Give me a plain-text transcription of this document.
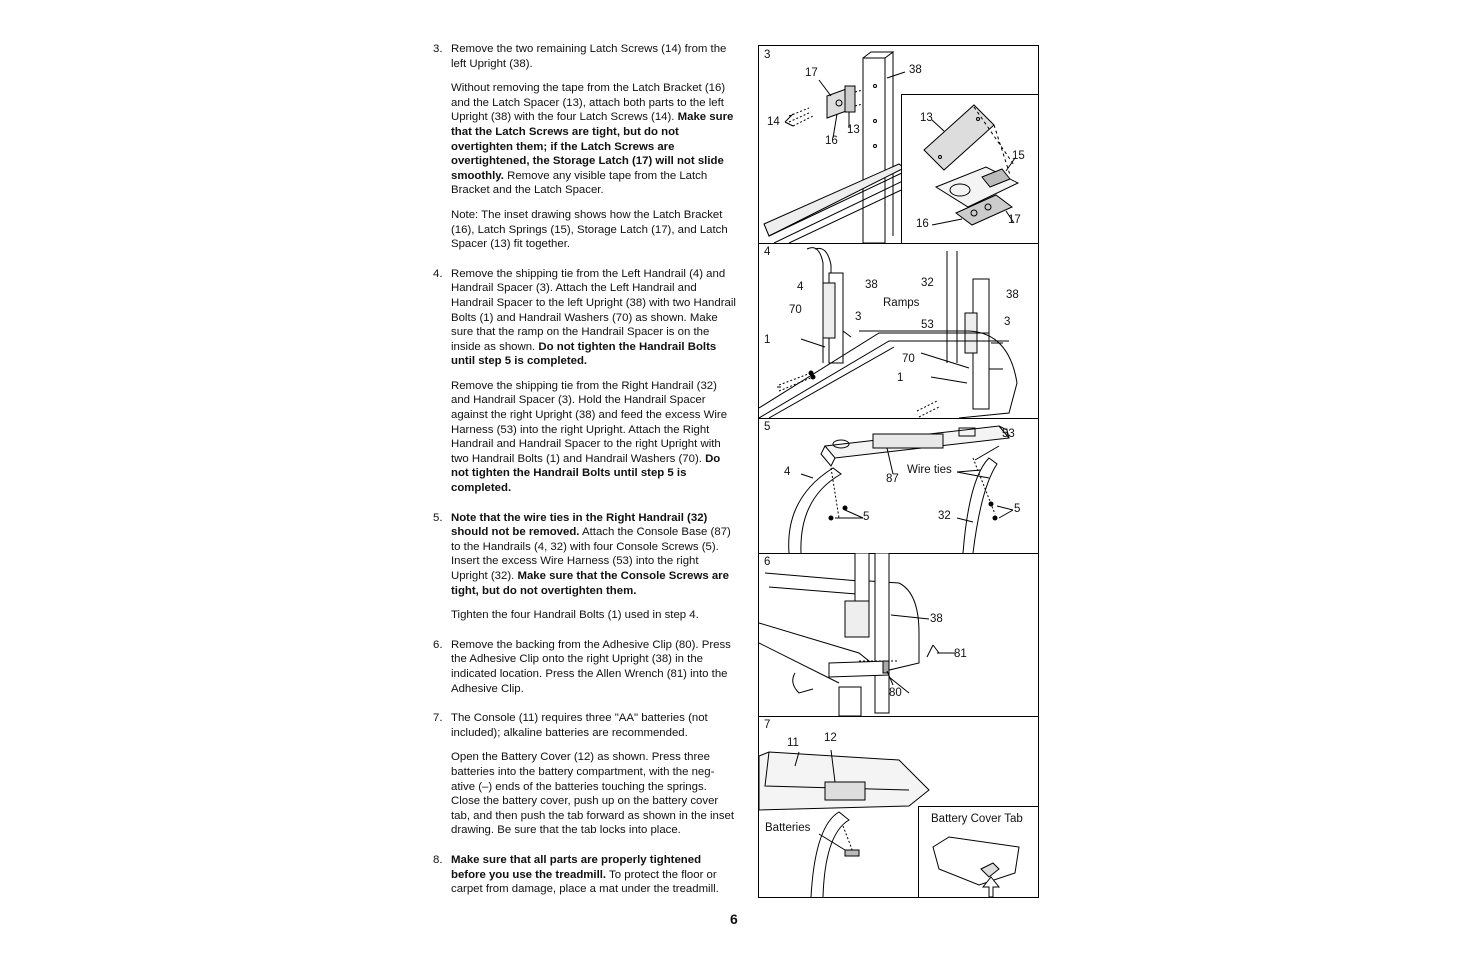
3. Remove the two remaining Latch Screws (14) from the left Upright (38).
Without removing the tape from the Latch Bracket (16) and the Latch Spacer (13), attach both parts to the left Upright (38) with the four Latch Screws (14). Make sure that the Latch Screws are tight, but do not overtighten them; if the Latch Screws are overtightened, the Storage Latch (17) will not slide smoothly. Remove any visible tape from the Latch Bracket and the Latch Spacer.
Note: The inset drawing shows how the Latch Bracket (16), Latch Springs (15), Storage Latch (17), and Latch Spacer (13) fit together.
4. Remove the shipping tie from the Left Handrail (4) and Handrail Spacer (3). Attach the Left Handrail and Handrail Spacer to the left Upright (38) with two Handrail Bolts (1) and Handrail Washers (70) as shown. Make sure that the ramp on the Handrail Spacer is on the inside as shown. Do not tighten the Handrail Bolts until step 5 is completed.
Remove the shipping tie from the Right Handrail (32) and Handrail Spacer (3). Hold the Handrail Spacer against the right Upright (38) and feed the excess Wire Harness (53) into the right Upright. Attach the Right Handrail and Handrail Spacer to the right Upright with two Handrail Bolts (1) and Handrail Washers (70). Do not tighten the Handrail Bolts until step 5 is completed.
5. Note that the wire ties in the Right Handrail (32) should not be removed. Attach the Console Base (87) to the Handrails (4, 32) with four Console Screws (5). Insert the excess Wire Harness (53) into the right Upright (32). Make sure that the Console Screws are tight, but do not overtighten them.
Tighten the four Handrail Bolts (1) used in step 4.
6. Remove the backing from the Adhesive Clip (80). Press the Adhesive Clip onto the right Upright (38) in the indicated location. Press the Allen Wrench (81) into the Adhesive Clip.
7. The Console (11) requires three "AA" batteries (not included); alkaline batteries are recommended.
Open the Battery Cover (12) as shown. Press three batteries into the battery compartment, with the neg-ative (–) ends of the batteries touching the springs. Close the battery cover, push up on the battery cover tab, and then push the tab forward as shown in the inset drawing. Be sure that the tab locks into place.
8. Make sure that all parts are properly tightened before you use the treadmill. To protect the floor or carpet from damage, place a mat under the treadmill.
6
3
17	38
14
16
13
13
15
16	17
4
4	38	32
38
70
3
Ramps
53	3
1
70
1
5
53
Wire ties
4
87
5	32
5
6
38
81
80
7
11 12
Batteries
Battery Cover Tab
